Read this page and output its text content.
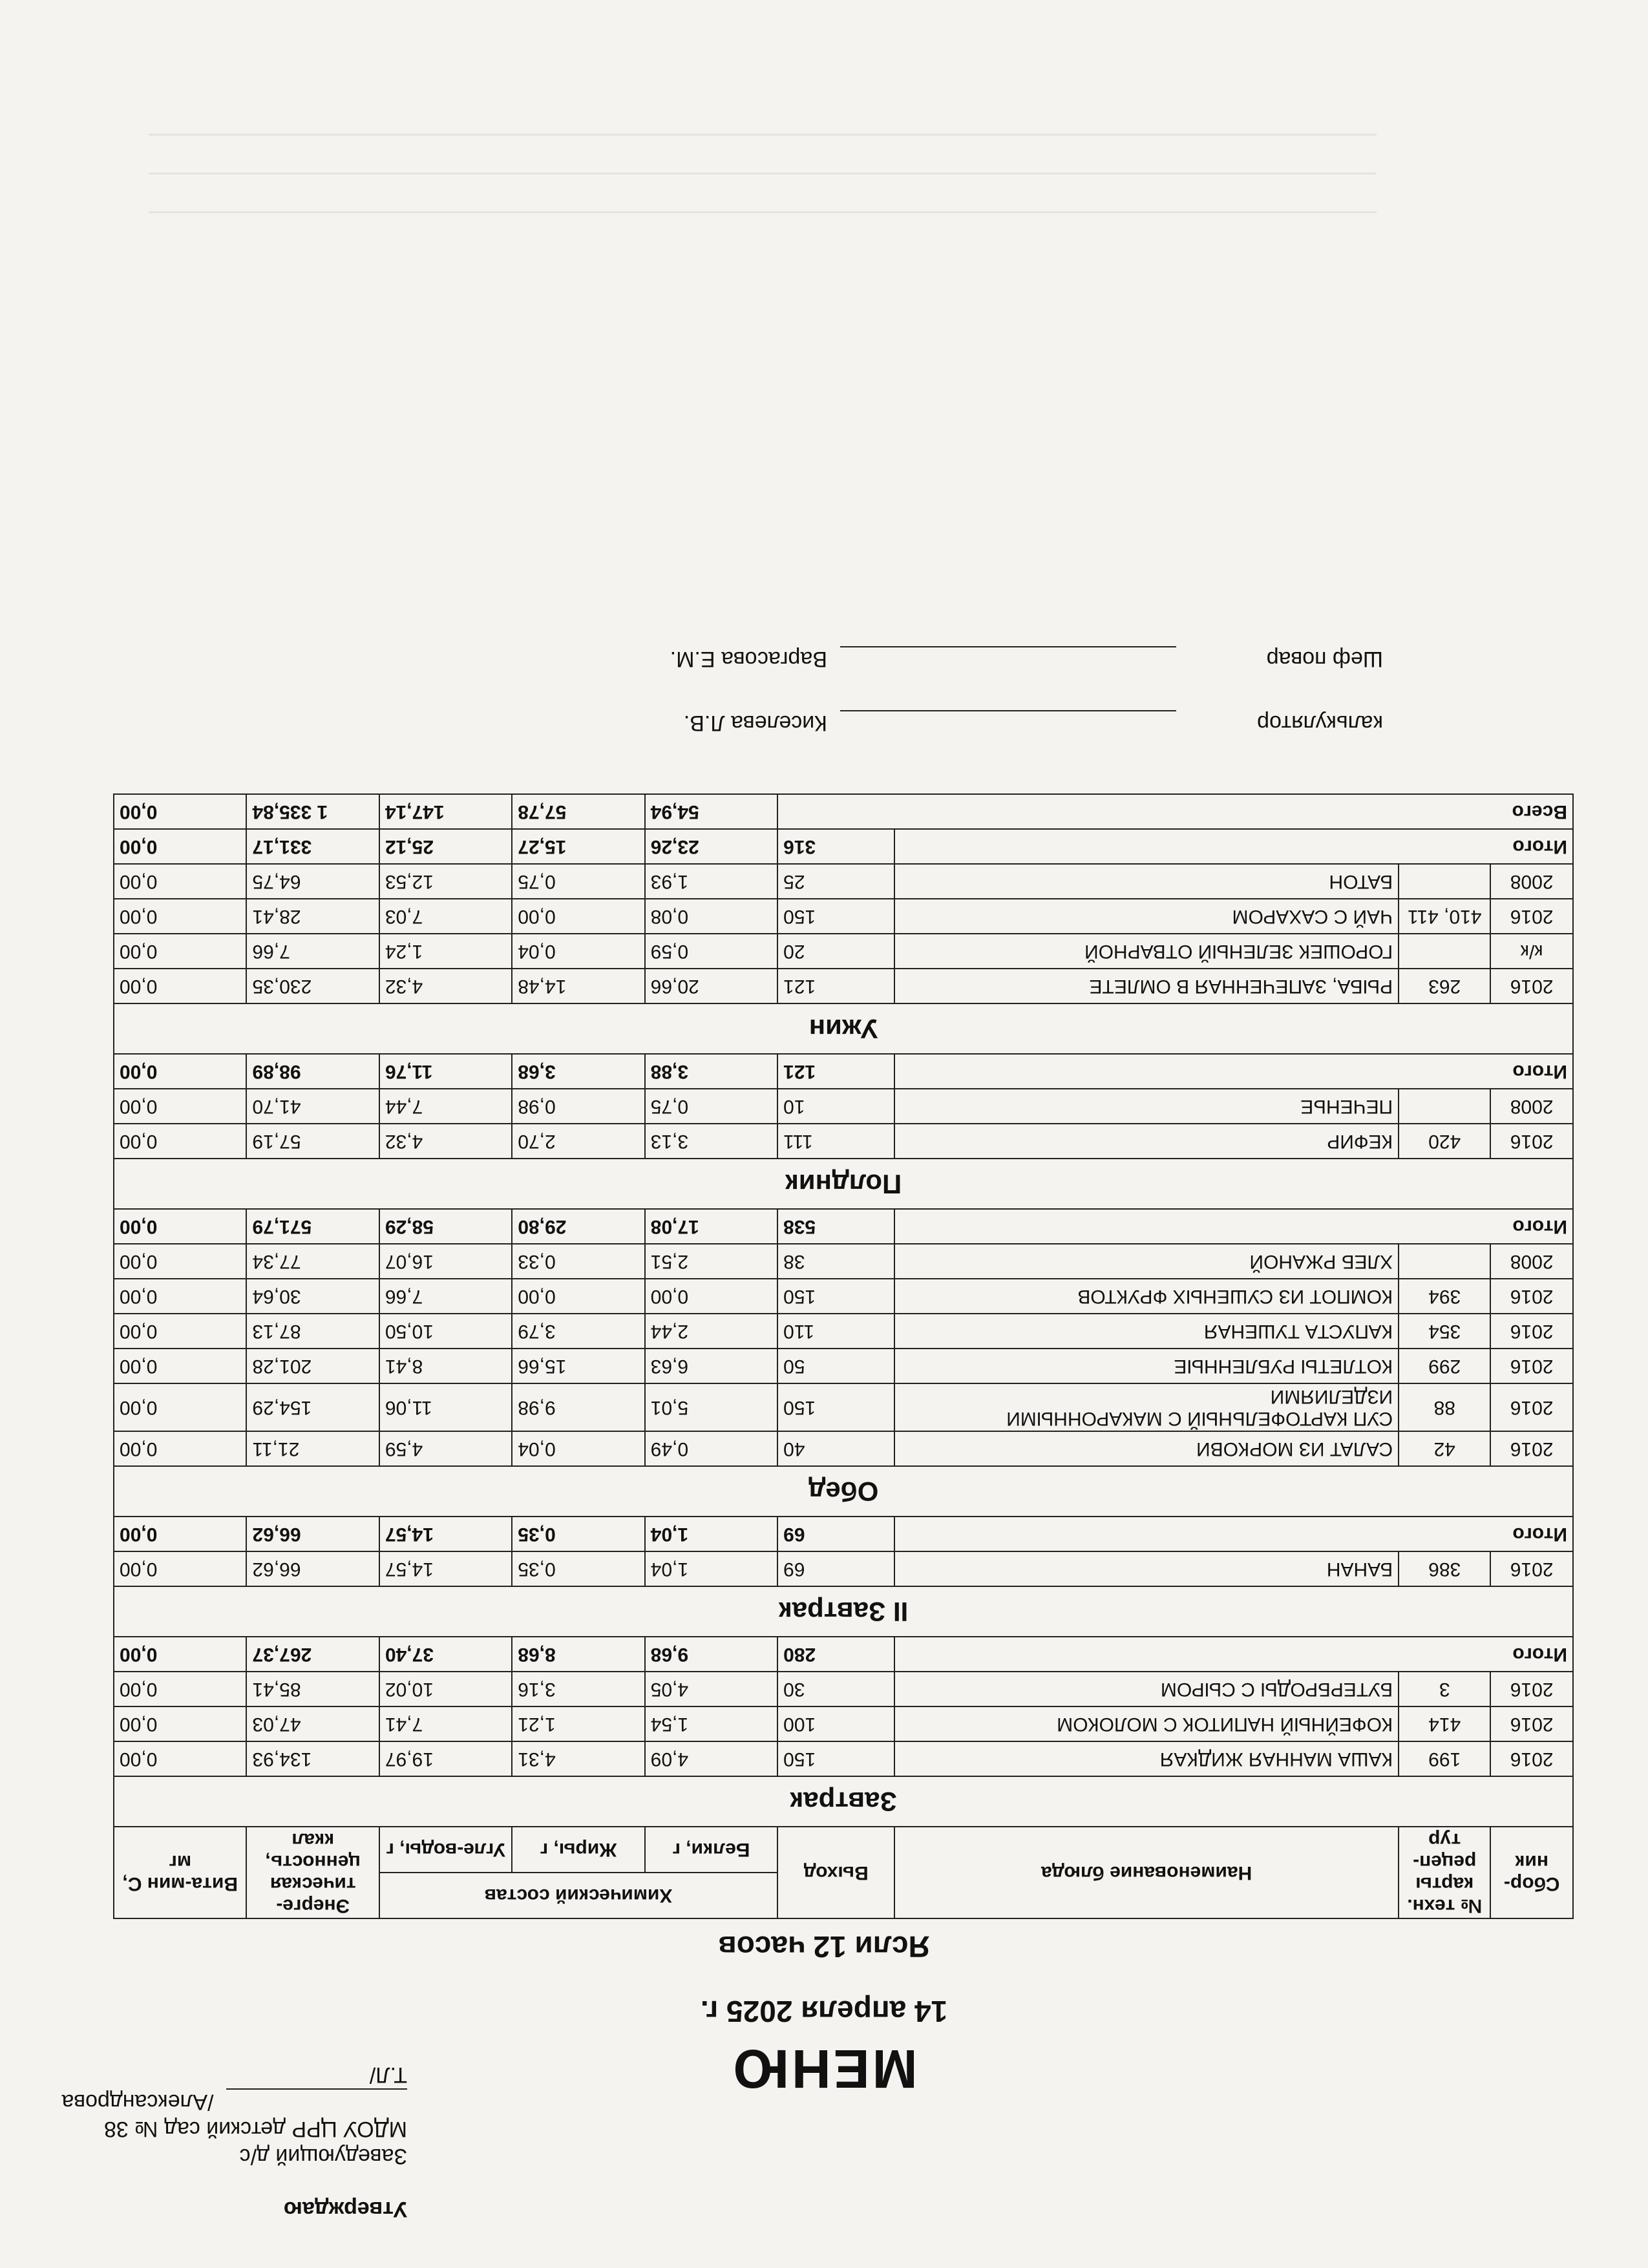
Утверждаю
Заведующий д/с
МДОУ ЦРР детский сад № 38
/Александрова Т.Л/	МЕНЮ
14 апреля 2025 г.
Ясли 12 часов
Сбор-ник	№ техн. карты
рецеп-тур	Наименование блюда	Выход	Химический состав			Энерге-тическая ценность, ккал	Вита-мин С, мг
				Белки, г	Жиры, г	Угле-воды, г		
Завтрак								
2016	199	КАША МАННАЯ ЖИДКАЯ	150	4,09	4,31	19,97	134,93	0,00
2016	414	КОФЕЙНЫЙ НАПИТОК С МОЛОКОМ	100	1,54	1,21	7,41	47,03	0,00
2016	3	БУТЕРБРОДЫ С СЫРОМ	30	4,05	3,16	10,02	85,41	0,00
Итого			280	9,68	8,68	37,40	267,37	0,00
II Завтрак								
2016	386	БАНАН	69	1,04	0,35	14,57	66,62	0,00
Итого			69	1,04	0,35	14,57	66,62	0,00
Обед								
2016	42	САЛАТ ИЗ МОРКОВИ	40	0,49	0,04	4,59	21,11	0,00
2016	88	СУП КАРТОФЕЛЬНЫЙ С МАКАРОННЫМИ ИЗДЕЛИЯМИ	150	5,01	9,98	11,06	154,29	0,00
2016	299	КОТЛЕТЫ РУБЛЕННЫЕ	50	6,63	15,66	8,41	201,28	0,00
2016	354	КАПУСТА ТУШЕНАЯ	110	2,44	3,79	10,50	87,13	0,00
2016	394	КОМПОТ ИЗ СУШЕНЫХ ФРУКТОВ	150	0,00	0,00	7,66	30,64	0,00
2008		ХЛЕБ РЖАНОЙ	38	2,51	0,33	16,07	77,34	0,00
Итого			538	17,08	29,80	58,29	571,79	0,00
Полдник								
2016	420	КЕФИР	111	3,13	2,70	4,32	57,19	0,00
2008		ПЕЧЕНЬЕ	10	0,75	0,98	7,44	41,70	0,00
Итого			121	3,88	3,68	11,76	98,89	0,00
Ужин								
2016	263	РЫБА, ЗАПЕЧЕННАЯ В ОМЛЕТЕ	121	20,66	14,48	4,32	230,35	0,00
к/к		ГОРОШЕК ЗЕЛЕНЫЙ ОТВАРНОЙ	20	0,59	0,04	1,24	7,66	0,00
2016	410, 411	ЧАЙ С САХАРОМ	150	0,08	0,00	7,03	28,41	0,00
2008		БАТОН	25	1,93	0,75	12,53	64,75	0,00
Итого			316	23,26	15,27	25,12	331,17	0,00
Всего				54,94	57,78	147,14	1 335,84	0,00
калькуляторКиселева Л.В.
Шеф поварВаргасова Е.М.
